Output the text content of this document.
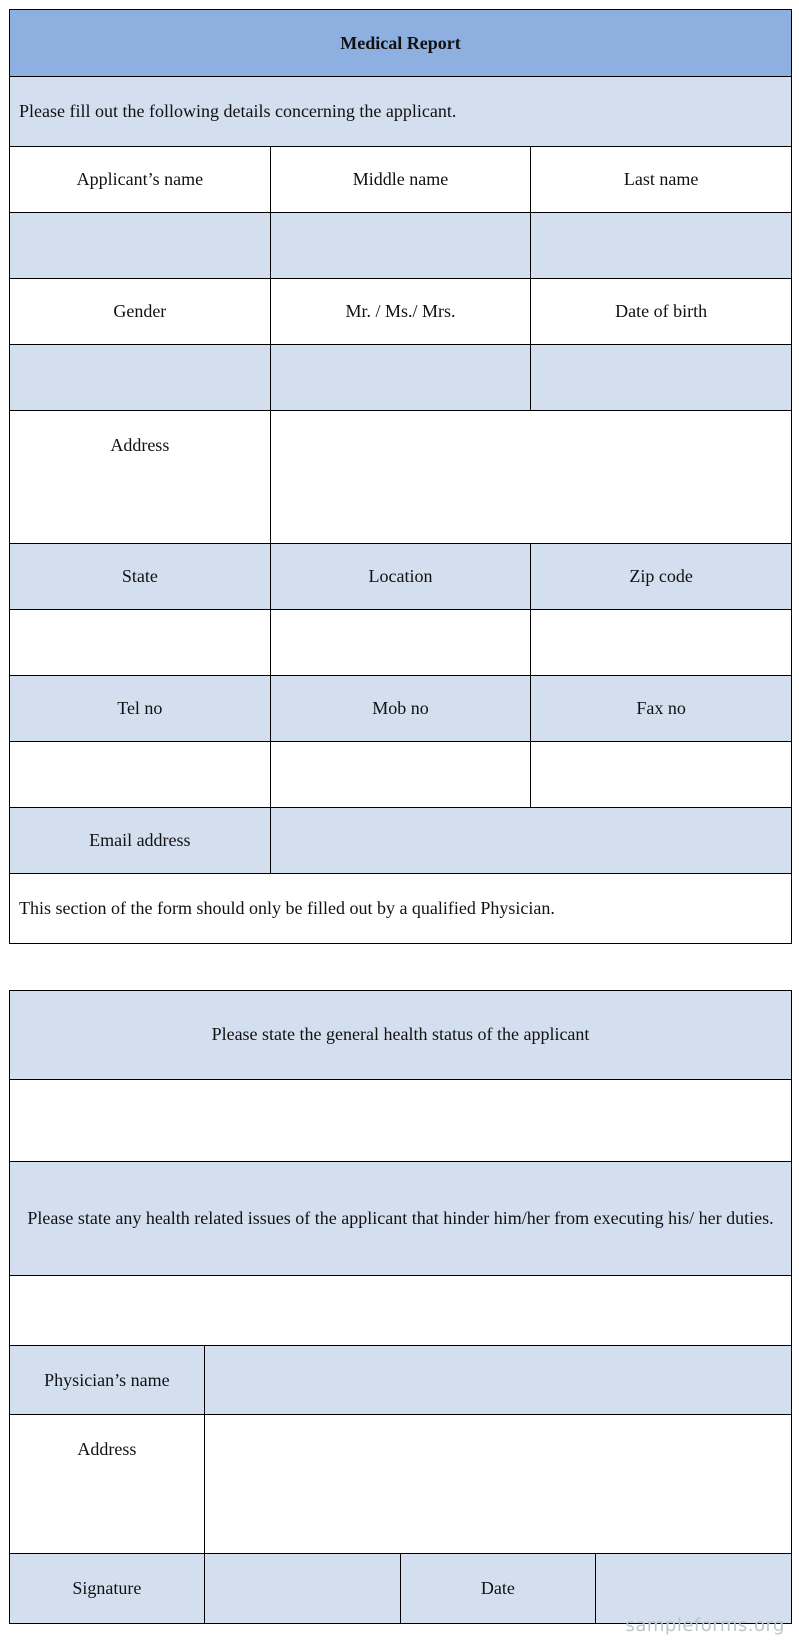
Medical Report		
Please fill out the following details concerning the applicant.		
Applicant’s name	Middle name	Last name

Gender	Mr. / Ms./ Mrs.	Date of birth

Address		
State	Location	Zip code

Tel no	Mob no	Fax no

Email address		
This section of the form should only be filled out by a qualified Physician.		
Please state the general health status of the applicant			

Please state any health related issues of the applicant that hinder him/her from executing his/ her duties.			

Physician’s name			
Address			
Signature		Date	
sampleforms.org
